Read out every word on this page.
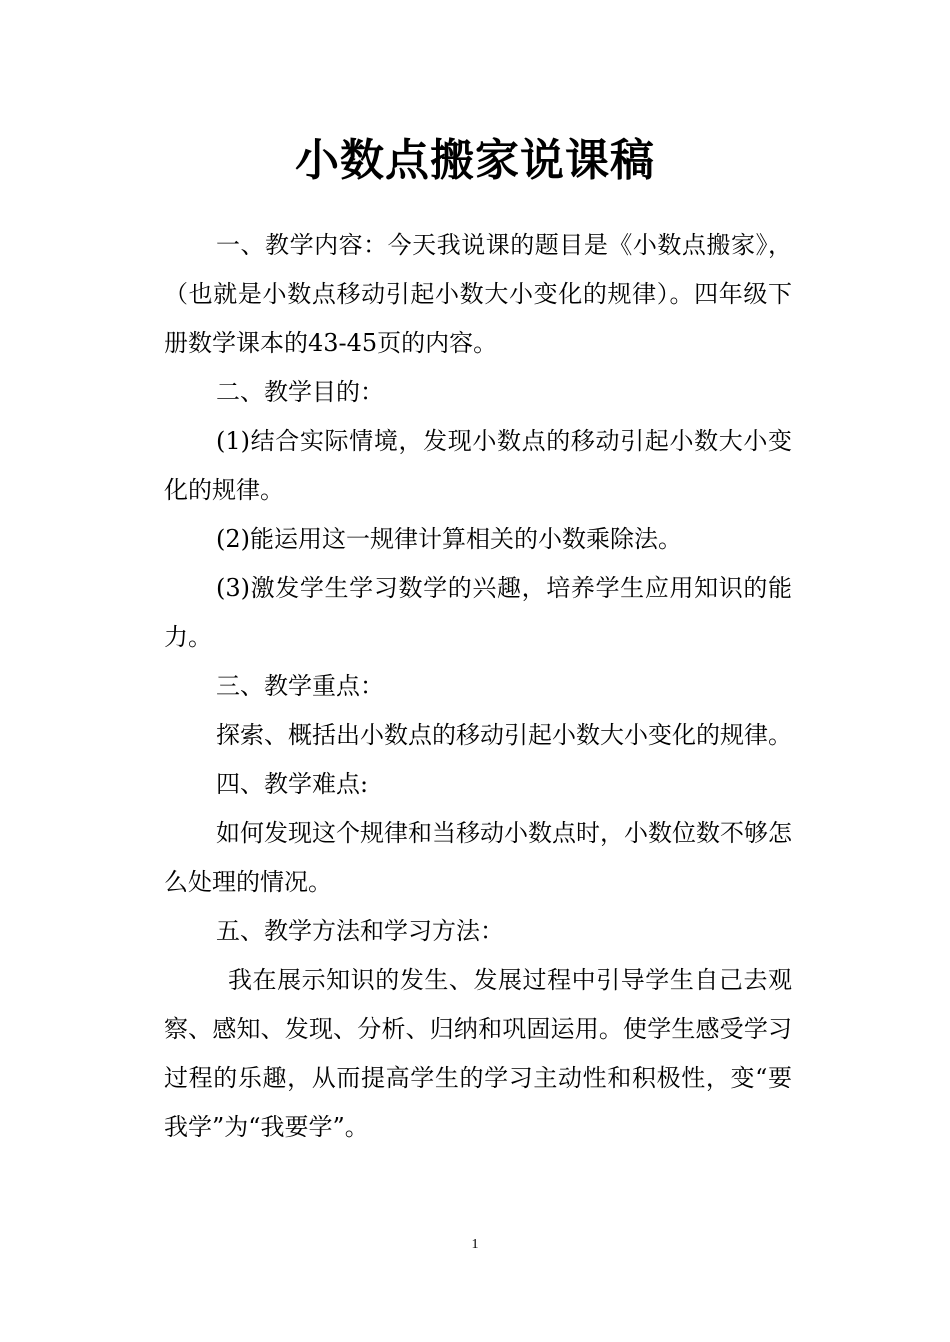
小数点搬家说课稿

一、教学内容：今天我说课的题目是《小数点搬家》，（也就是小数点移动引起小数大小变化的规律）。四年级下册数学课本的43-45页的内容。

二、教学目的：

(1)结合实际情境，发现小数点的移动引起小数大小变化的规律。

(2)能运用这一规律计算相关的小数乘除法。

(3)激发学生学习数学的兴趣，培养学生应用知识的能力。

三、教学重点：

探索、概括出小数点的移动引起小数大小变化的规律。

四、教学难点:

如何发现这个规律和当移动小数点时，小数位数不够怎么处理的情况。

五、教学方法和学习方法：

我在展示知识的发生、发展过程中引导学生自己去观察、感知、发现、分析、归纳和巩固运用。使学生感受学习过程的乐趣，从而提高学生的学习主动性和积极性，变“要我学”为“我要学”。

1
